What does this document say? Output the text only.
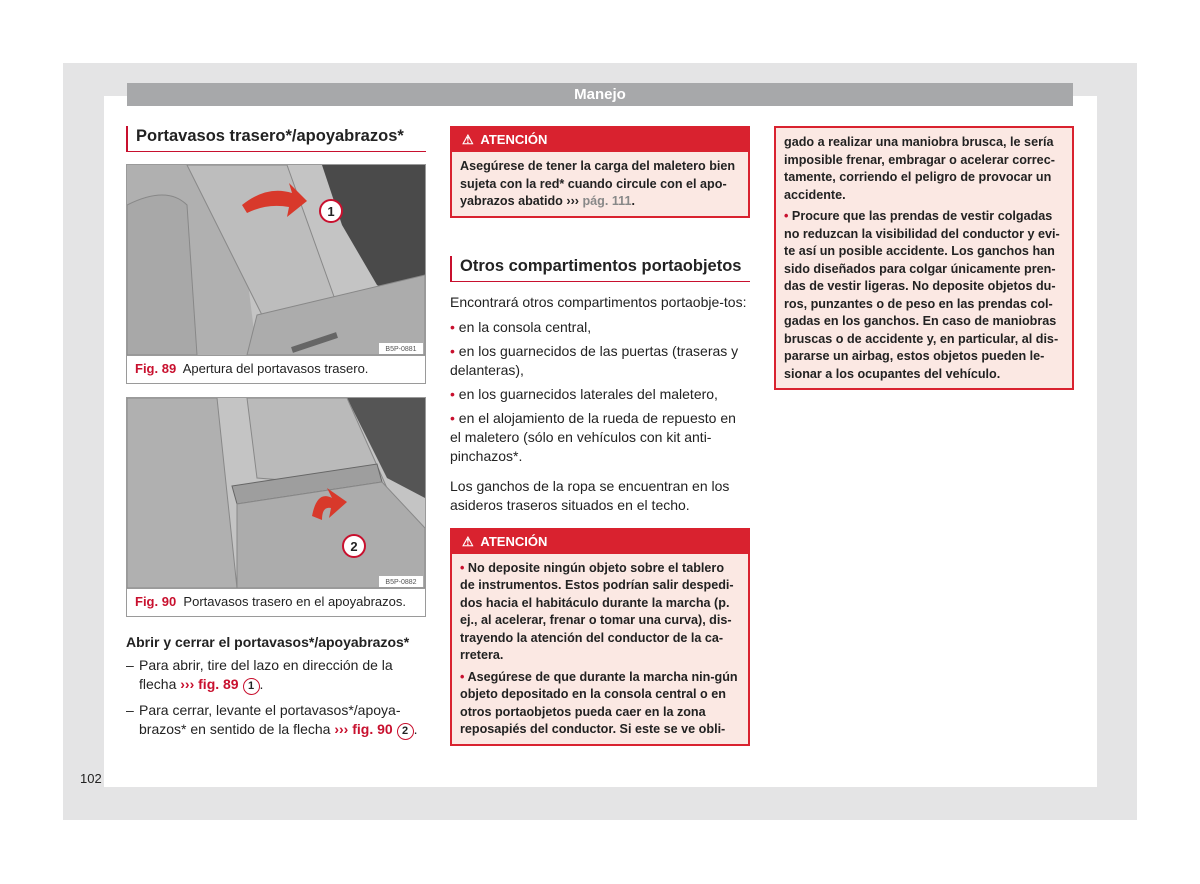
Manejo
102
Portavasos trasero*/apoyabrazos*
1
B5P-0881
Fig. 89 Apertura del portavasos trasero.
2
B5P-0882
Fig. 90 Portavasos trasero en el apoyabrazos.
Abrir y cerrar el portavasos*/apoyabrazos*
– Para abrir, tire del lazo en dirección de la flecha ››› fig. 89 1 .
– Para cerrar, levante el portavasos*/apoya-brazos* en sentido de la flecha ››› fig. 90 2 .
⚠ ATENCIÓN
Asegúrese de tener la carga del maletero bien sujeta con la red* cuando circule con el apo-yabrazos abatido ››› pág. 111.
Otros compartimentos portaobjetos
Encontrará otros compartimentos portaobje-tos:
• en la consola central,
• en los guarnecidos de las puertas (traseras y delanteras),
• en los guarnecidos laterales del maletero,
• en el alojamiento de la rueda de repuesto en el maletero (sólo en vehículos con kit anti-pinchazos*.
Los ganchos de la ropa se encuentran en los asideros traseros situados en el techo.
⚠ ATENCIÓN
• No deposite ningún objeto sobre el tablero de instrumentos. Estos podrían salir despedi-dos hacia el habitáculo durante la marcha (p. ej., al acelerar, frenar o tomar una curva), dis-trayendo la atención del conductor de la ca-rretera.
• Asegúrese de que durante la marcha nin-gún objeto depositado en la consola central o en otros portaobjetos pueda caer en la zona reposapiés del conductor. Si este se ve obli-
gado a realizar una maniobra brusca, le sería imposible frenar, embragar o acelerar correc-tamente, corriendo el peligro de provocar un accidente.
• Procure que las prendas de vestir colgadas no reduzcan la visibilidad del conductor y evi-te así un posible accidente. Los ganchos han sido diseñados para colgar únicamente pren-das de vestir ligeras. No deposite objetos du-ros, punzantes o de peso en las prendas col-gadas en los ganchos. En caso de maniobras bruscas o de accidente y, en particular, al dis-pararse un airbag, estos objetos pueden le-sionar a los ocupantes del vehículo.
